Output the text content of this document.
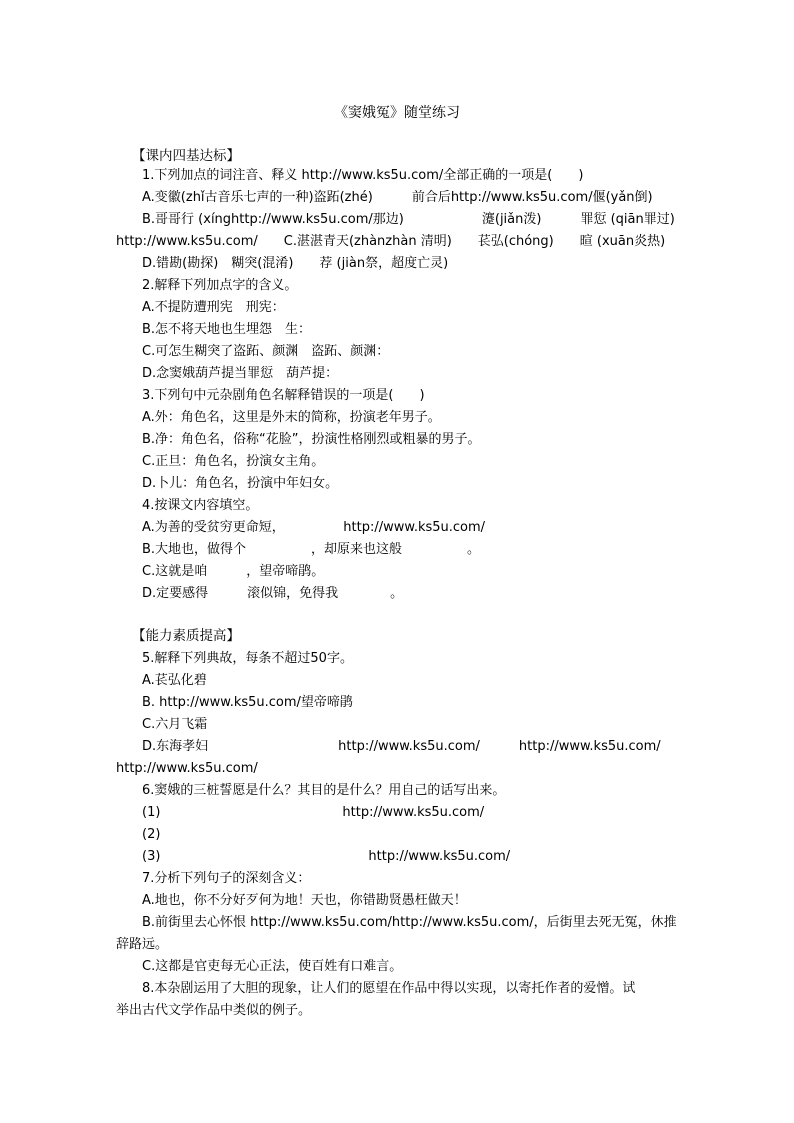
《窦娥冤》随堂练习
【课内四基达标】
1.下列加点的词注音、释义 http://www.ks5u.com/全部正确的一项是(　　)
A.变徽(zhǐ古音乐七声的一种)盗跖(zhé)　　　前合后http://www.ks5u.com/偃(yǎn倒)
B.哥哥行 (xínghttp://www.ks5u.com/那边)　　　　　　瀽(jiǎn泼)　　　罪愆 (qiān罪过)
http://www.ks5u.com/　　C.湛湛青天(zhànzhàn 清明)　　苌弘(chóng)　　暄 (xuān炎热)
D.错勘(勘探)　糊突(混淆)　　荐 (jiàn祭，超度亡灵)
2.解释下列加点字的含义。
A.不提防遭刑宪　刑宪：
B.怎不将天地也生埋怨　生：
C.可怎生糊突了盗跖、颜渊　盗跖、颜渊：
D.念窦娥葫芦提当罪愆　葫芦提：
3.下列句中元杂剧角色名解释错误的一项是(　　)
A.外：角色名，这里是外末的简称，扮演老年男子。
B.净：角色名，俗称“花脸”，扮演性格刚烈或粗暴的男子。
C.正旦：角色名，扮演女主角。
D.卜儿：角色名，扮演中年妇女。
4.按课文内容填空。
A.为善的受贫穷更命短，　　　　　http://www.ks5u.com/
B.大地也，做得个　　　　　，却原来也这般　　　　　。
C.这就是咱　　　，望帝啼鹃。
D.定要感得　　　滚似锦，免得我　　　　。
【能力素质提高】
5.解释下列典故，每条不超过50字。
A.苌弘化碧
B. http://www.ks5u.com/望帝啼鹃
C.六月飞霜
D.东海孝妇　　　　　　　　　　http://www.ks5u.com/　　　http://www.ks5u.com/
http://www.ks5u.com/
6.窦娥的三桩誓愿是什么？其目的是什么？用自己的话写出来。
(1)　　　　　　　　　　　　　　http://www.ks5u.com/
(2)
(3)　　　　　　　　　　　　　　　　http://www.ks5u.com/
7.分析下列句子的深刻含义：
A.地也，你不分好歹何为地！天也，你错勘贤愚枉做天！
B.前街里去心怀恨 http://www.ks5u.com/http://www.ks5u.com/，后街里去死无冤，休推
辞路远。
C.这都是官吏每无心正法，使百姓有口难言。
8.本杂剧运用了大胆的现象，让人们的愿望在作品中得以实现，以寄托作者的爱憎。试
举出古代文学作品中类似的例子。
